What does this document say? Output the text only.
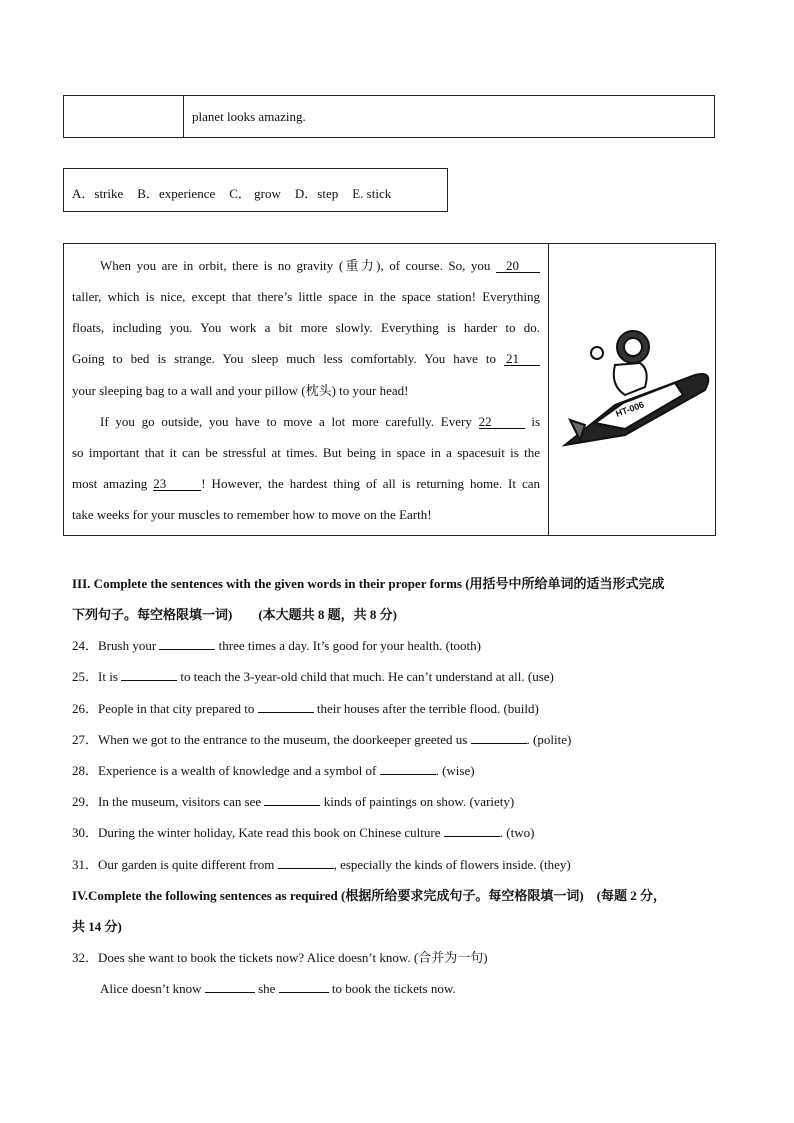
planet looks amazing.
A．strike B．experience C． grow D．step E. stick
When you are in orbit, there is no gravity (重力), of course. So, you 20
taller, which is nice, except that there’s little space in the space station! Everything
floats, including you. You work a bit more slowly. Everything is harder to do.
Going to bed is strange. You sleep much less comfortably. You have to 21
your sleeping bag to a wall and your pillow (枕头) to your head!
If you go outside, you have to move a lot more carefully. Every 22	is
so important that it can be stressful at times. But being in space in a spacesuit is the
most amazing 23	! However, the hardest thing of all is returning home. It can
take weeks for your muscles to remember how to move on the Earth!
HT-006
III. Complete the sentences with the given words in their proper forms (用括号中所给单词的适当形式完成
下列句子。每空格限填一词)　　(本大题共 8 题，共 8 分)
24．Brush your	three times a day. It’s good for your health. (tooth)
25．It is	to teach the 3-year-old child that much. He can’t understand at all. (use)
26．People in that city prepared to	their houses after the terrible flood. (build)
27．When we got to the entrance to the museum, the doorkeeper greeted us	. (polite)
28．Experience is a wealth of knowledge and a symbol of	. (wise)
29．In the museum, visitors can see	kinds of paintings on show. (variety)
30．During the winter holiday, Kate read this book on Chinese culture	. (two)
31．Our garden is quite different from	, especially the kinds of flowers inside. (they)
IV.Complete the following sentences as required (根据所给要求完成句子。每空格限填一词)　(每题 2 分，
共 14 分)
32．Does she want to book the tickets now? Alice doesn’t know. (合并为一句)
Alice doesn’t know	she	to book the tickets now.
